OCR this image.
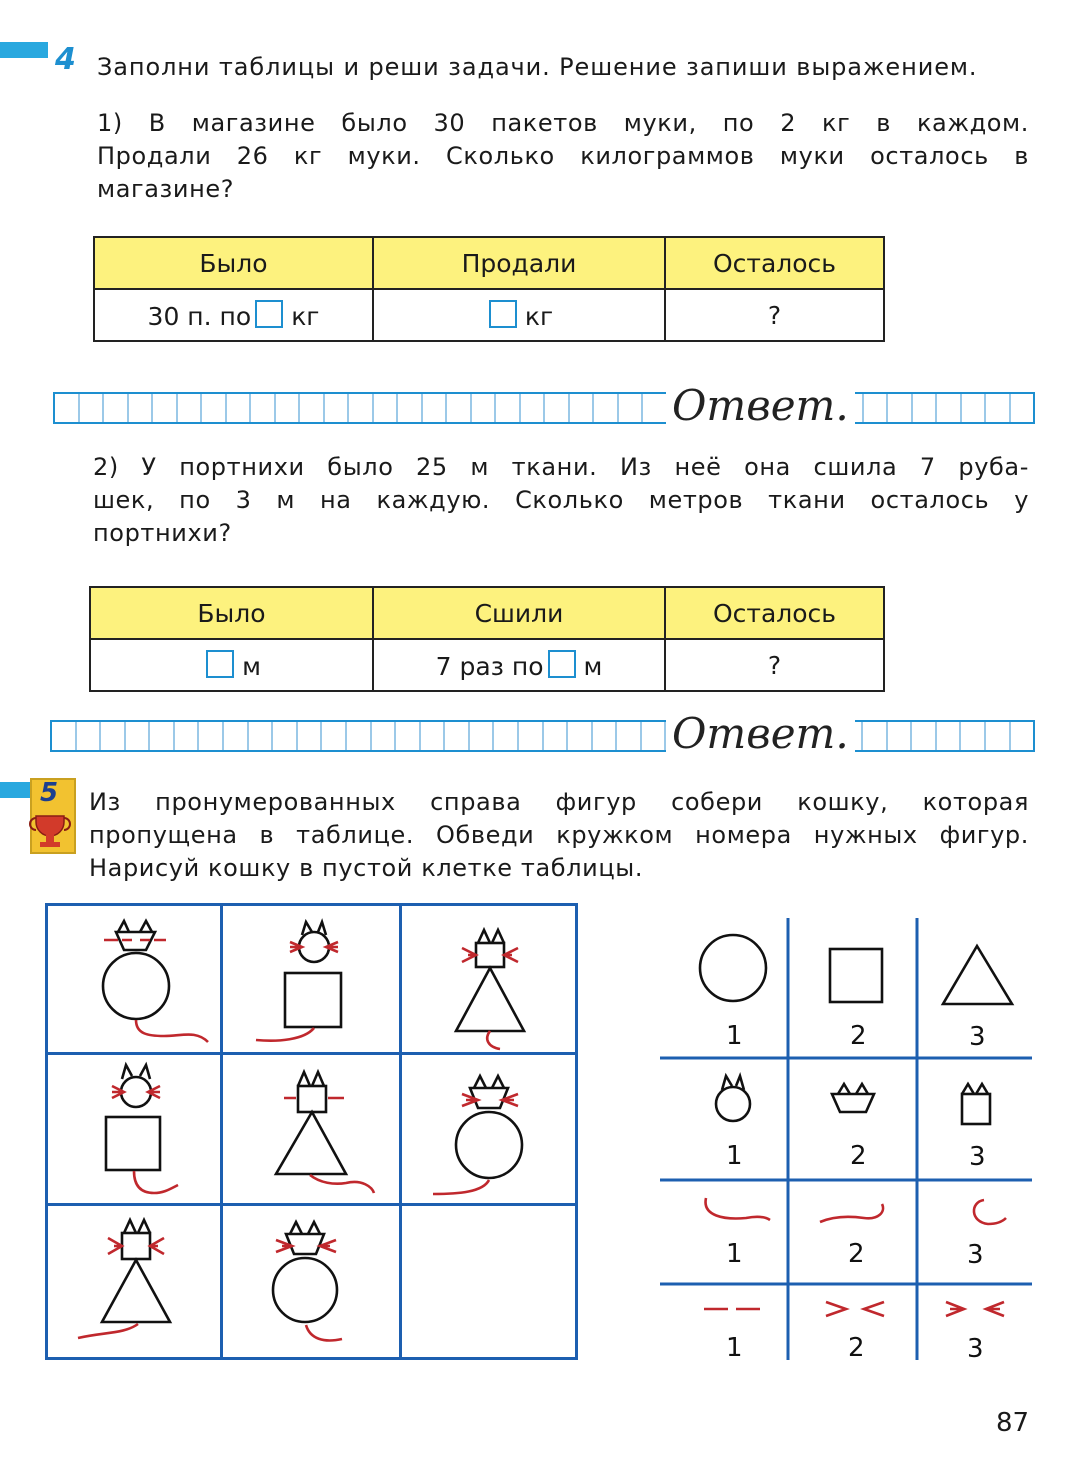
4 Заполни таблицы и реши задачи. Решение запиши выражением.
1) В магазине было 30 пакетов муки, по 2 кг в каждом.
Продали 26 кг муки. Сколько килограммов муки осталось в
магазине?
Было	Продали	Осталось
30 п. по кг	кг	?
Ответ.
2) У портнихи было 25 м ткани. Из неё она сшила 7 руба-
шек, по 3 м на каждую. Сколько метров ткани осталось у
портнихи?
Было	Сшили	Осталось
м	7 раз по м	?
Ответ.
5 Из пронумерованных справа фигур собери кошку, которая
пропущена в таблице. Обведи кружком номера нужных фигур.
Нарисуй кошку в пустой клетке таблицы.
1	2	3
1	2	3
1	2	3
1	2	3
87
